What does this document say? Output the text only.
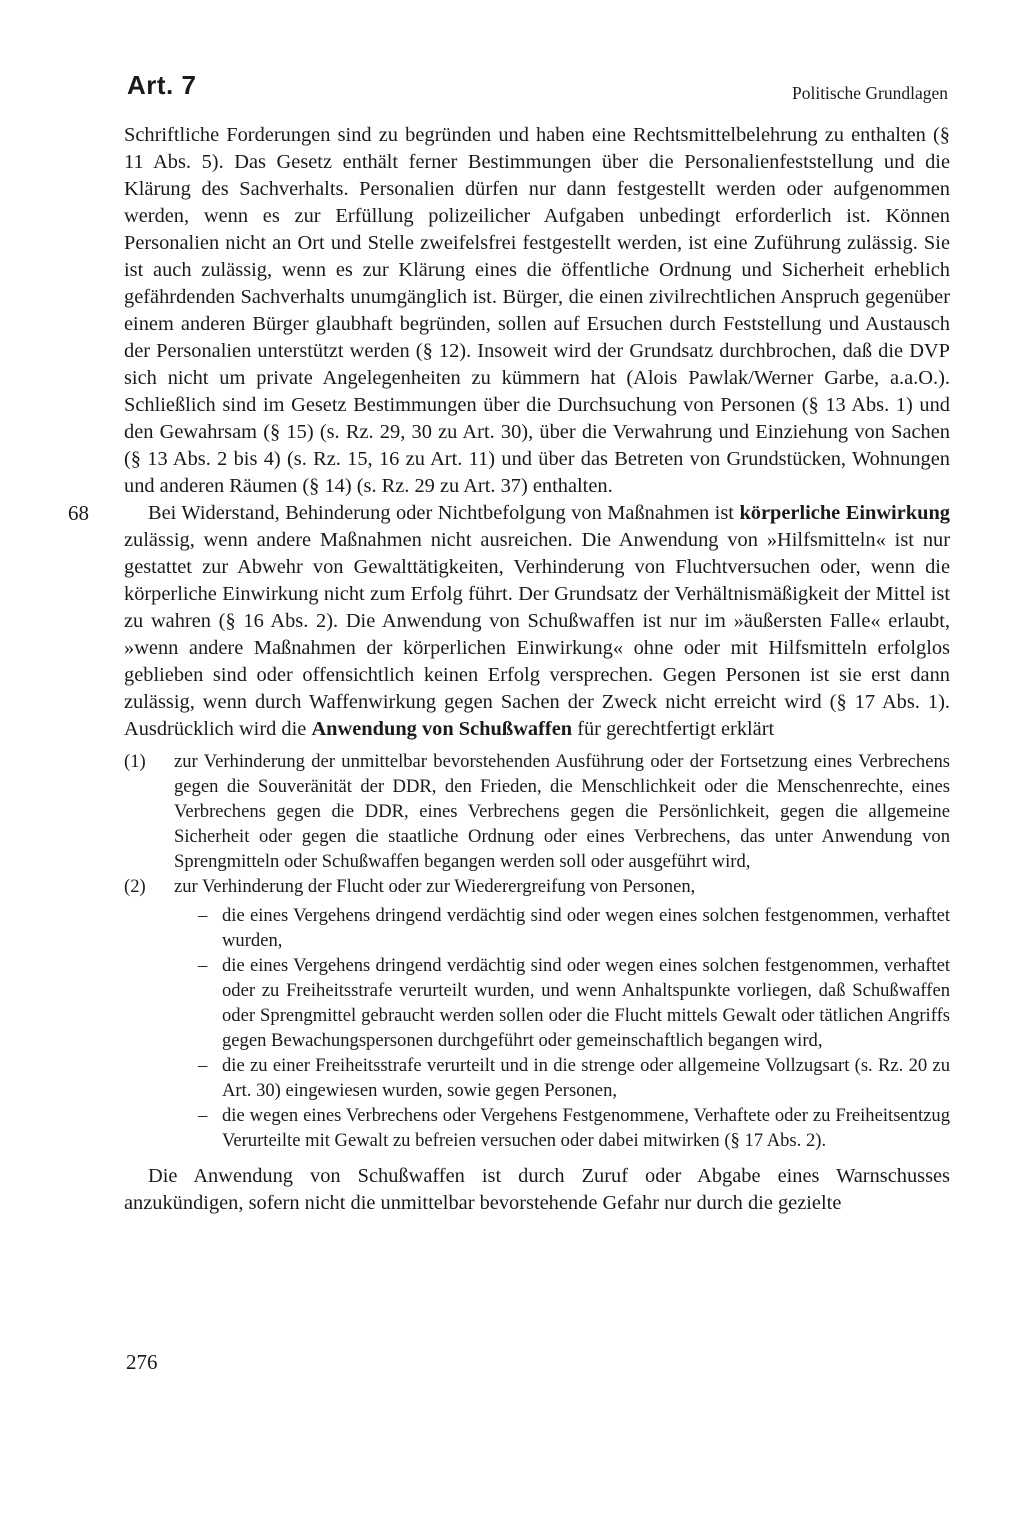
Art. 7	Politische Grundlagen

Schriftliche Forderungen sind zu begründen und haben eine Rechtsmittelbelehrung zu enthalten (§ 11 Abs. 5). Das Gesetz enthält ferner Bestimmungen über die Personalienfeststellung und die Klärung des Sachverhalts. Personalien dürfen nur dann festgestellt werden oder aufgenommen werden, wenn es zur Erfüllung polizeilicher Aufgaben unbedingt erforderlich ist. Können Personalien nicht an Ort und Stelle zweifelsfrei festgestellt werden, ist eine Zuführung zulässig. Sie ist auch zulässig, wenn es zur Klärung eines die öffentliche Ordnung und Sicherheit erheblich gefährdenden Sachverhalts unumgänglich ist. Bürger, die einen zivilrechtlichen Anspruch gegenüber einem anderen Bürger glaubhaft begründen, sollen auf Ersuchen durch Feststellung und Austausch der Personalien unterstützt werden (§ 12). Insoweit wird der Grundsatz durchbrochen, daß die DVP sich nicht um private Angelegenheiten zu kümmern hat (Alois Pawlak/Werner Garbe, a.a.O.). Schließlich sind im Gesetz Bestimmungen über die Durchsuchung von Personen (§ 13 Abs. 1) und den Gewahrsam (§ 15) (s. Rz. 29, 30 zu Art. 30), über die Verwahrung und Einziehung von Sachen (§ 13 Abs. 2 bis 4) (s. Rz. 15, 16 zu Art. 11) und über das Betreten von Grundstücken, Wohnungen und anderen Räumen (§ 14) (s. Rz. 29 zu Art. 37) enthalten.

68	Bei Widerstand, Behinderung oder Nichtbefolgung von Maßnahmen ist körperliche Einwirkung zulässig, wenn andere Maßnahmen nicht ausreichen. Die Anwendung von »Hilfsmitteln« ist nur gestattet zur Abwehr von Gewalttätigkeiten, Verhinderung von Fluchtversuchen oder, wenn die körperliche Einwirkung nicht zum Erfolg führt. Der Grundsatz der Verhältnismäßigkeit der Mittel ist zu wahren (§ 16 Abs. 2). Die Anwendung von Schußwaffen ist nur im »äußersten Falle« erlaubt, »wenn andere Maßnahmen der körperlichen Einwirkung« ohne oder mit Hilfsmitteln erfolglos geblieben sind oder offensichtlich keinen Erfolg versprechen. Gegen Personen ist sie erst dann zulässig, wenn durch Waffenwirkung gegen Sachen der Zweck nicht erreicht wird (§ 17 Abs. 1). Ausdrücklich wird die Anwendung von Schußwaffen für gerechtfertigt erklärt

(1) zur Verhinderung der unmittelbar bevorstehenden Ausführung oder der Fortsetzung eines Verbrechens gegen die Souveränität der DDR, den Frieden, die Menschlichkeit oder die Menschenrechte, eines Verbrechens gegen die DDR, eines Verbrechens gegen die Persönlichkeit, gegen die allgemeine Sicherheit oder gegen die staatliche Ordnung oder eines Verbrechens, das unter Anwendung von Sprengmitteln oder Schußwaffen begangen werden soll oder ausgeführt wird,
(2) zur Verhinderung der Flucht oder zur Wiederergreifung von Personen,
– die eines Vergehens dringend verdächtig sind oder wegen eines solchen festgenommen, verhaftet wurden,
– die eines Vergehens dringend verdächtig sind oder wegen eines solchen festgenommen, verhaftet oder zu Freiheitsstrafe verurteilt wurden, und wenn Anhaltspunkte vorliegen, daß Schußwaffen oder Sprengmittel gebraucht werden sollen oder die Flucht mittels Gewalt oder tätlichen Angriffs gegen Bewachungspersonen durchgeführt oder gemeinschaftlich begangen wird,
– die zu einer Freiheitsstrafe verurteilt und in die strenge oder allgemeine Vollzugsart (s. Rz. 20 zu Art. 30) eingewiesen wurden, sowie gegen Personen,
– die wegen eines Verbrechens oder Vergehens Festgenommene, Verhaftete oder zu Freiheitsentzug Verurteilte mit Gewalt zu befreien versuchen oder dabei mitwirken (§ 17 Abs. 2).

Die Anwendung von Schußwaffen ist durch Zuruf oder Abgabe eines Warnschusses anzukündigen, sofern nicht die unmittelbar bevorstehende Gefahr nur durch die gezielte

276
